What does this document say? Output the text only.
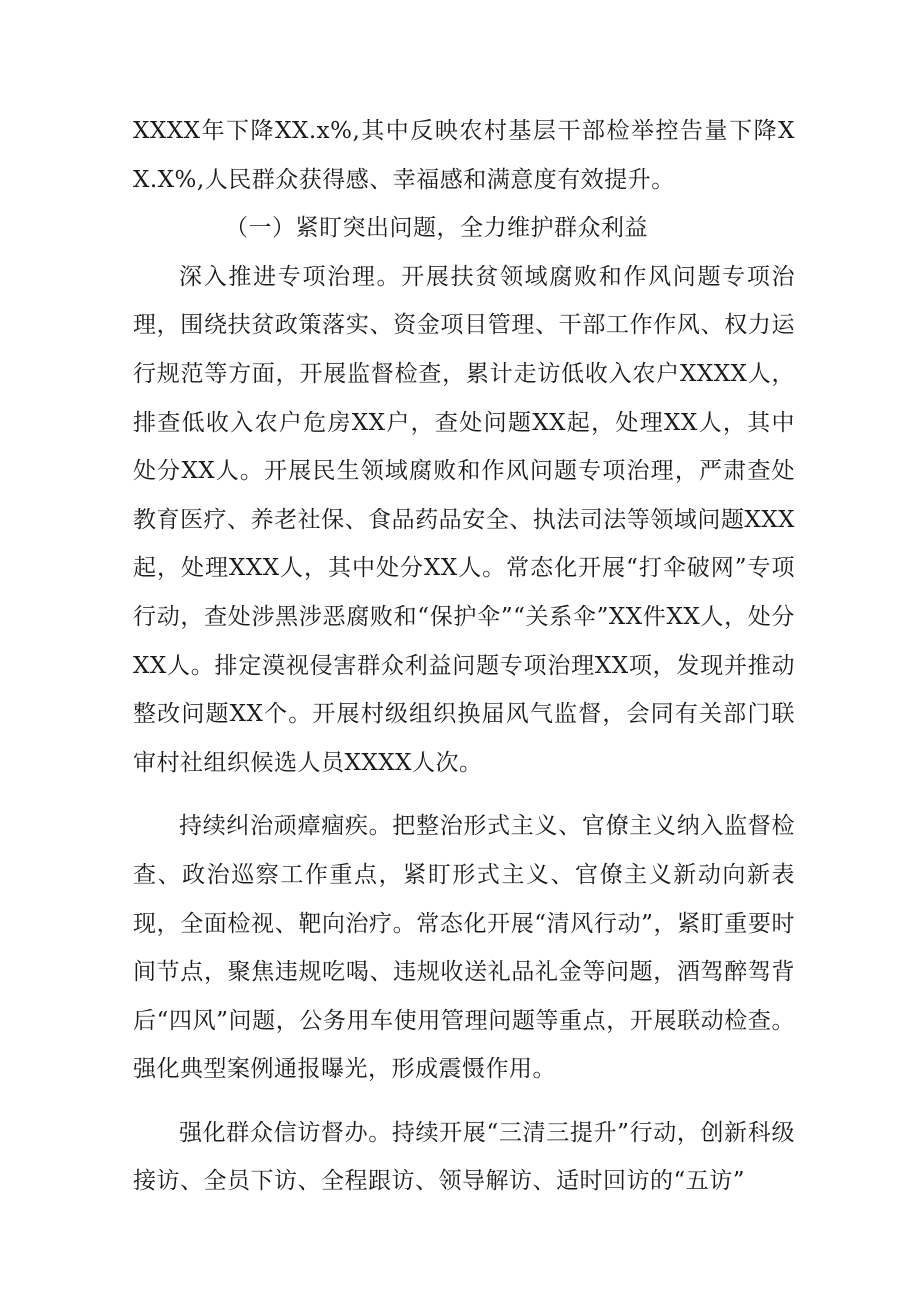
XXXX年下降XX.x%,其中反映农村基层干部检举控告量下降XX.X%,人民群众获得感、幸福感和满意度有效提升。

（一）紧盯突出问题，全力维护群众利益

深入推进专项治理。开展扶贫领域腐败和作风问题专项治理，围绕扶贫政策落实、资金项目管理、干部工作作风、权力运行规范等方面，开展监督检查，累计走访低收入农户XXXX人，排查低收入农户危房XX户，查处问题XX起，处理XX人，其中处分XX人。开展民生领域腐败和作风问题专项治理，严肃查处教育医疗、养老社保、食品药品安全、执法司法等领域问题XXX起，处理XXX人，其中处分XX人。常态化开展“打伞破网”专项行动，查处涉黑涉恶腐败和“保护伞”“关系伞”XX件XX人，处分XX人。排定漠视侵害群众利益问题专项治理XX项，发现并推动整改问题XX个。开展村级组织换届风气监督，会同有关部门联审村社组织候选人员XXXX人次。

持续纠治顽瘴痼疾。把整治形式主义、官僚主义纳入监督检查、政治巡察工作重点，紧盯形式主义、官僚主义新动向新表现，全面检视、靶向治疗。常态化开展“清风行动”，紧盯重要时间节点，聚焦违规吃喝、违规收送礼品礼金等问题，酒驾醉驾背后“四风”问题，公务用车使用管理问题等重点，开展联动检查。强化典型案例通报曝光，形成震慑作用。

强化群众信访督办。持续开展“三清三提升”行动，创新科级接访、全员下访、全程跟访、领导解访、适时回访的“五访”
